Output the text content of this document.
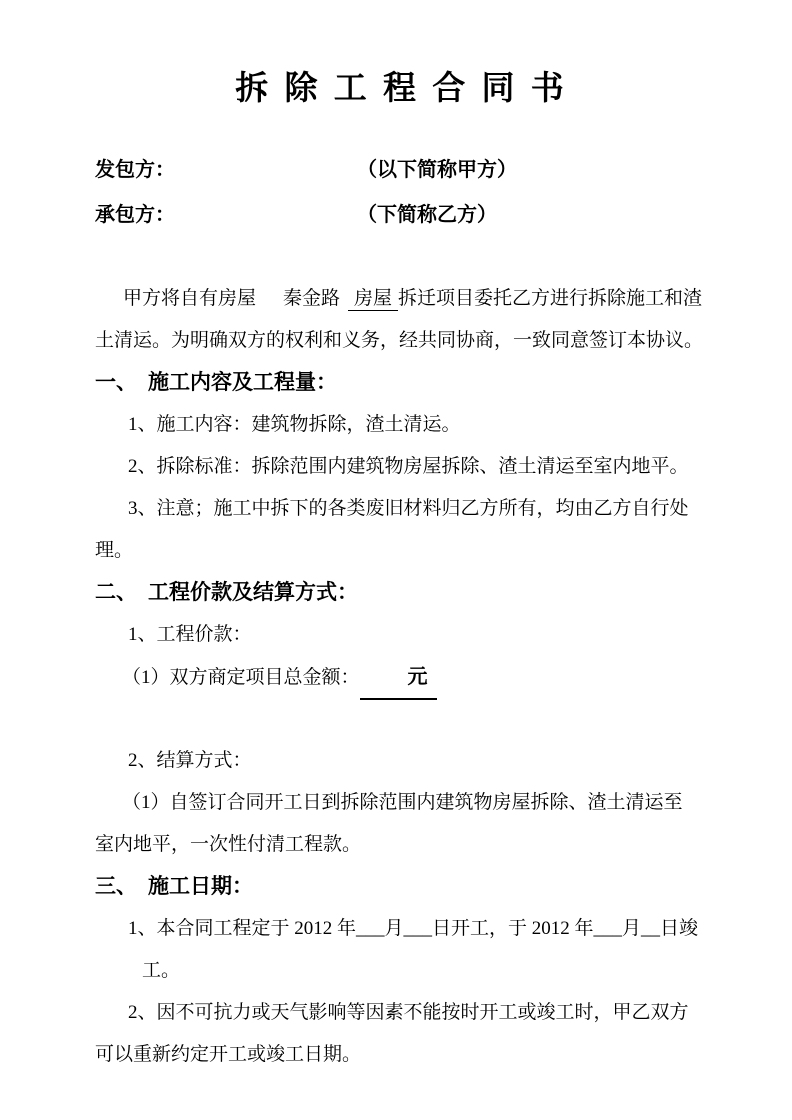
拆 除 工 程 合 同 书
发包方：	（以下简称甲方）
承包方：	（下简称乙方）
甲方将自有房屋 秦金路 房屋 拆迁项目委托乙方进行拆除施工和渣
土清运。为明确双方的权利和义务，经共同协商，一致同意签订本协议。
一、 施工内容及工程量：
1、施工内容：建筑物拆除，渣土清运。
2、拆除标准：拆除范围内建筑物房屋拆除、渣土清运至室内地平。
3、注意；施工中拆下的各类废旧材料归乙方所有，均由乙方自行处
理。
二、 工程价款及结算方式：
1、工程价款：
（1）双方商定项目总金额： 元
2、结算方式：
（1）自签订合同开工日到拆除范围内建筑物房屋拆除、渣土清运至
室内地平，一次性付清工程款。
三、 施工日期：
1、本合同工程定于 2012 年___月___日开工，于 2012 年___月__日竣
工。
2、因不可抗力或天气影响等因素不能按时开工或竣工时，甲乙双方
可以重新约定开工或竣工日期。
